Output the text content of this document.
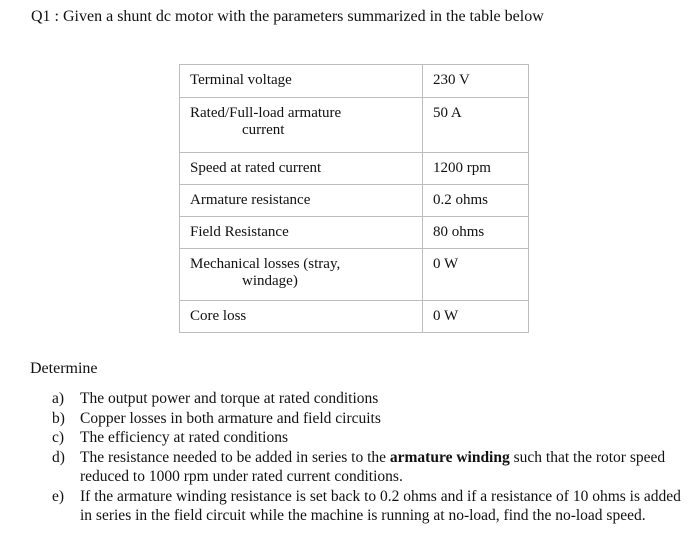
Q1 : Given a shunt dc motor with the parameters summarized in the table below
Terminal voltage	230 V
Rated/Full-load armature
current	50 A
Speed at rated current	1200 rpm
Armature resistance	0.2 ohms
Field Resistance	80 ohms
Mechanical losses (stray,
windage)	0 W
Core loss	0 W
Determine
a)	The output power and torque at rated conditions
b) Copper losses in both armature and field circuits
c)	The efficiency at rated conditions
d) The resistance needed to be added in series to the armature winding such that the rotor speed reduced to 1000 rpm under rated current conditions.
e)	If the armature winding resistance is set back to 0.2 ohms and if a resistance of 10 ohms is added in series in the field circuit while the machine is running at no-load, find the no-load speed.
